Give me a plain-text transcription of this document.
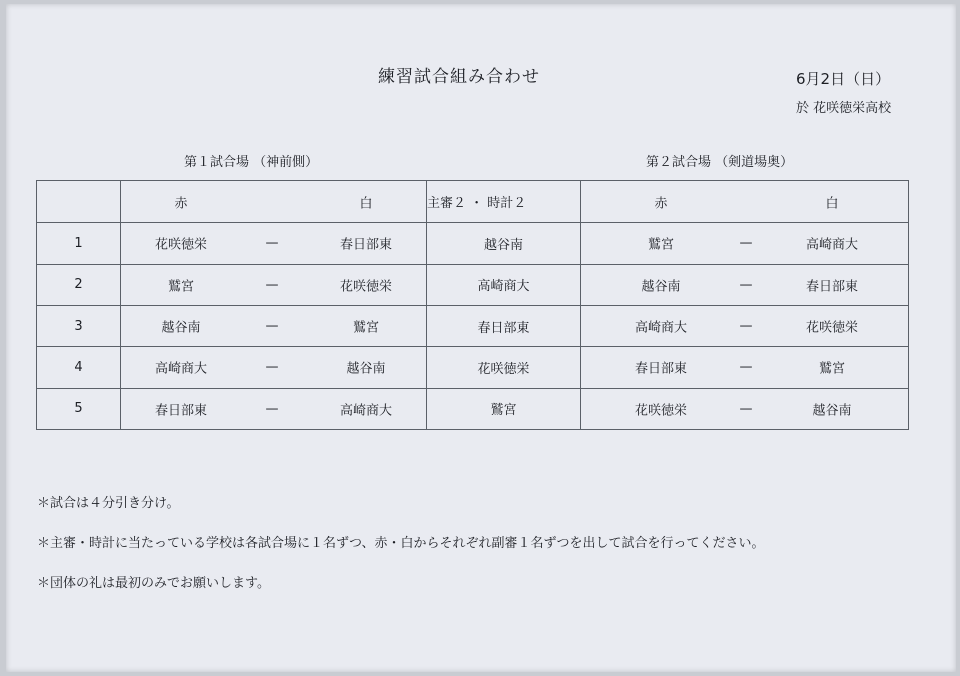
練習試合組み合わせ	6月2日（日）
於 花咲徳栄高校
第１試合場 （神前側）	第２試合場 （剣道場奥）

	赤 白	主審２ ・ 時計２	赤 白

1	花咲徳栄 — 春日部東	越谷南	鷲宮 — 高崎商大

2	鷲宮 — 花咲徳栄	高崎商大	越谷南 — 春日部東

3	越谷南 — 鷲宮	春日部東	高崎商大 — 花咲徳栄

4	高崎商大 — 越谷南	花咲徳栄	春日部東 — 鷲宮

5	春日部東 — 高崎商大	鷲宮	花咲徳栄 — 越谷南
＊試合は４分引き分け。
＊主審・時計に当たっている学校は各試合場に１名ずつ、赤・白からそれぞれ副審１名ずつを出して試合を行ってください。
＊団体の礼は最初のみでお願いします。
